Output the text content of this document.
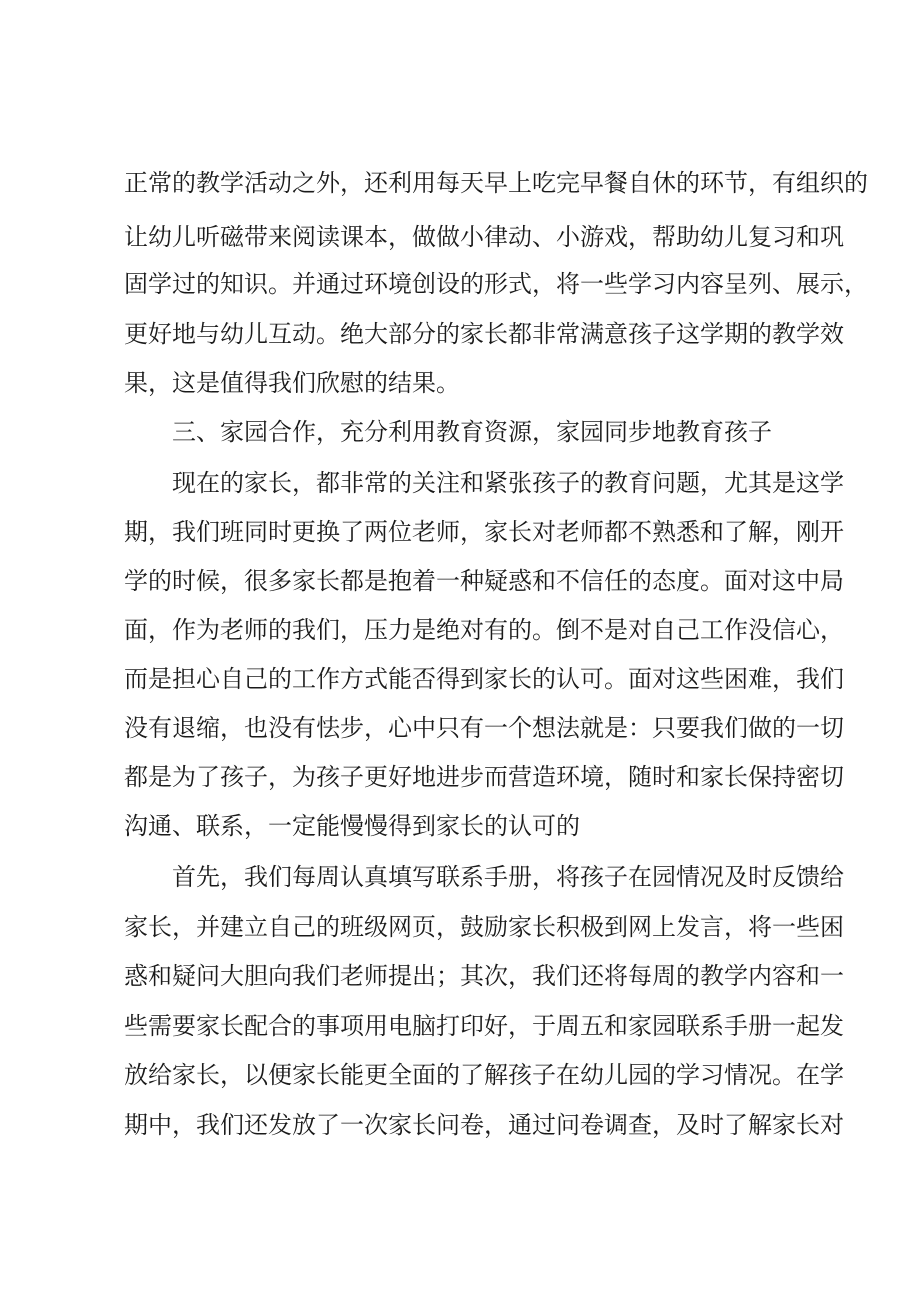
正常的教学活动之外，还利用每天早上吃完早餐自休的环节，有组织的
让幼儿听磁带来阅读课本，做做小律动、小游戏，帮助幼儿复习和巩
固学过的知识。并通过环境创设的形式，将一些学习内容呈列、展示，
更好地与幼儿互动。绝大部分的家长都非常满意孩子这学期的教学效
果，这是值得我们欣慰的结果。
三、家园合作，充分利用教育资源，家园同步地教育孩子
现在的家长，都非常的关注和紧张孩子的教育问题，尤其是这学
期，我们班同时更换了两位老师，家长对老师都不熟悉和了解，刚开
学的时候，很多家长都是抱着一种疑惑和不信任的态度。面对这中局
面，作为老师的我们，压力是绝对有的。倒不是对自己工作没信心，
而是担心自己的工作方式能否得到家长的认可。面对这些困难，我们
没有退缩，也没有怯步，心中只有一个想法就是：只要我们做的一切
都是为了孩子，为孩子更好地进步而营造环境，随时和家长保持密切
沟通、联系，一定能慢慢得到家长的认可的
首先，我们每周认真填写联系手册，将孩子在园情况及时反馈给
家长，并建立自己的班级网页，鼓励家长积极到网上发言，将一些困
惑和疑问大胆向我们老师提出；其次，我们还将每周的教学内容和一
些需要家长配合的事项用电脑打印好，于周五和家园联系手册一起发
放给家长，以便家长能更全面的了解孩子在幼儿园的学习情况。在学
期中，我们还发放了一次家长问卷，通过问卷调查，及时了解家长对
